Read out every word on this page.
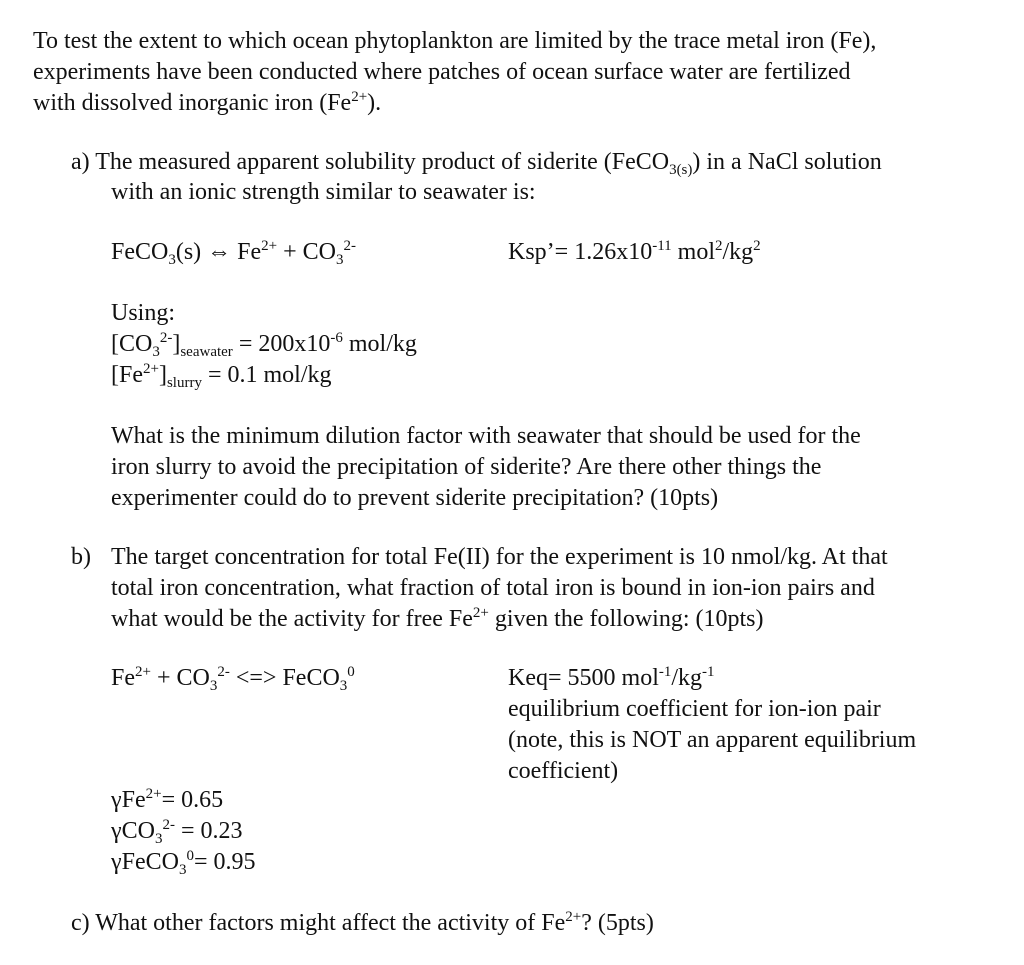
To test the extent to which ocean phytoplankton are limited by the trace metal iron (Fe),
experiments have been conducted where patches of ocean surface water are fertilized
with dissolved inorganic iron $(Fe^{2+})$.
a) The measured apparent solubility product of siderite (FeCO$_{3(s)}$) in a NaCl solution
with an ionic strength similar to seawater is:
FeCO$_3$(s) ⇔ $Fe^{2+} + CO_3^{2-}$	Ksp’= $1.26x10^{-11}$ $mol^2/kg^2$
Using:
$[CO_3^{2-}]_{seawater} = 200x10^{-6}$ mol/kg
$[Fe^{2+}]_{slurry} = 0.1$ mol/kg
What is the minimum dilution factor with seawater that should be used for the
iron slurry to avoid the precipitation of siderite? Are there other things the
experimenter could do to prevent siderite precipitation? (10pts)
b) The target concentration for total Fe(II) for the experiment is 10 nmol/kg. At that
total iron concentration, what fraction of total iron is bound in ion-ion pairs and
what would be the activity for free $Fe^{2+}$ given the following: (10pts)
$Fe^{2+} + CO_3^{2-}$ <=> FeCO$_3^0$	Keq= 5500 $mol^{-1}/kg^{-1}$
equilibrium coefficient for ion-ion pair
(note, this is NOT an apparent equilibrium
coefficient)
γFe$^{2+}$= 0.65
γCO$_3^{2-}$ = 0.23
γFeCO$_3^0$= 0.95
c) What other factors might affect the activity of $Fe^{2+}$? (5pts)
